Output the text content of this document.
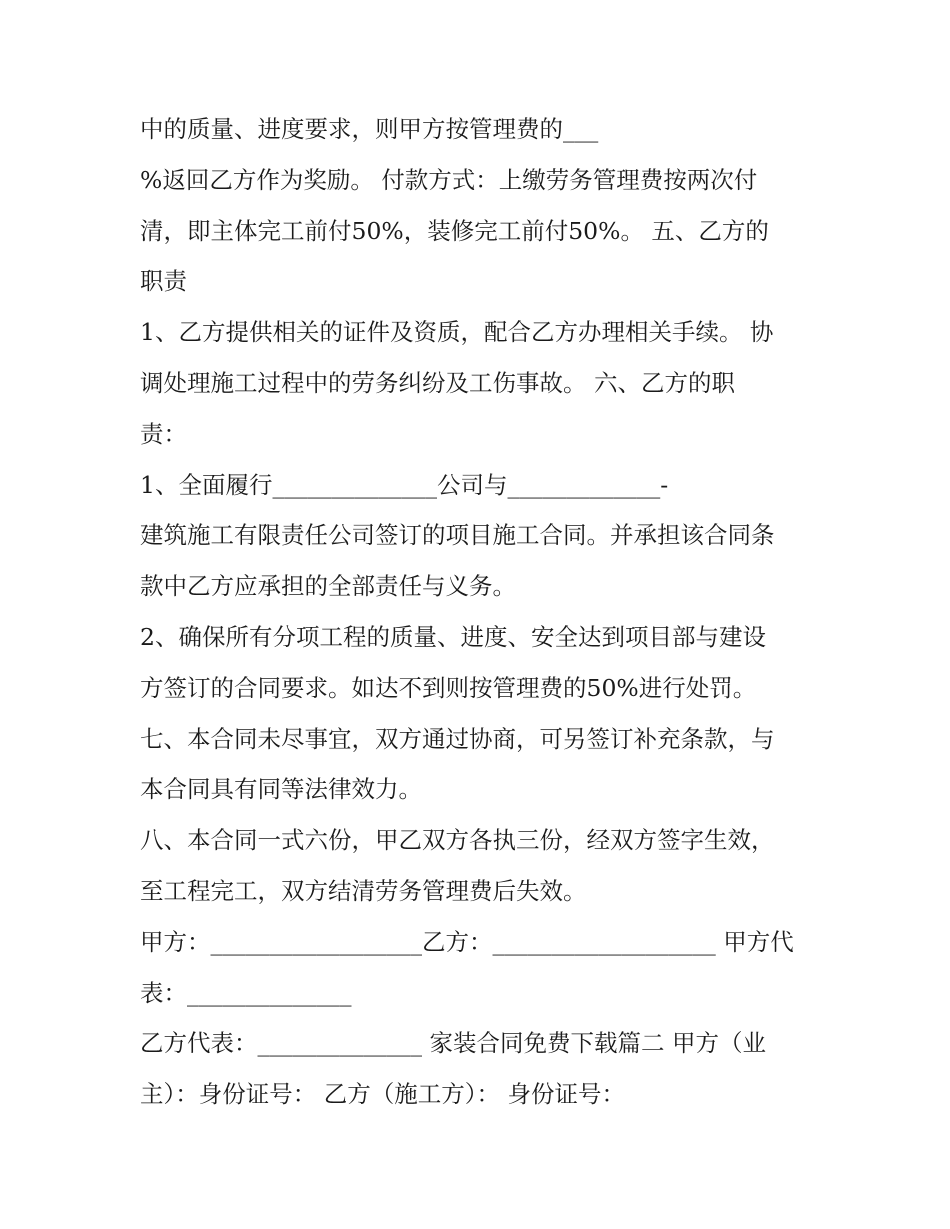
中的质量、进度要求，则甲方按管理费的___
%返回乙方作为奖励。 付款方式：上缴劳务管理费按两次付
清，即主体完工前付50%，装修完工前付50%。 五、乙方的
职责
1、乙方提供相关的证件及资质，配合乙方办理相关手续。 协
调处理施工过程中的劳务纠纷及工伤事故。 六、乙方的职
责：
1、全面履行______________公司与_____________-
建筑施工有限责任公司签订的项目施工合同。并承担该合同条
款中乙方应承担的全部责任与义务。
2、确保所有分项工程的质量、进度、安全达到项目部与建设
方签订的合同要求。如达不到则按管理费的50%进行处罚。
七、本合同未尽事宜，双方通过协商，可另签订补充条款，与
本合同具有同等法律效力。
八、本合同一式六份，甲乙双方各执三份，经双方签字生效，
至工程完工，双方结清劳务管理费后失效。
甲方：__________________乙方：___________________ 甲方代
表：______________
乙方代表：______________ 家装合同免费下载篇二 甲方（业
主）：身份证号： 乙方（施工方）： 身份证号：
